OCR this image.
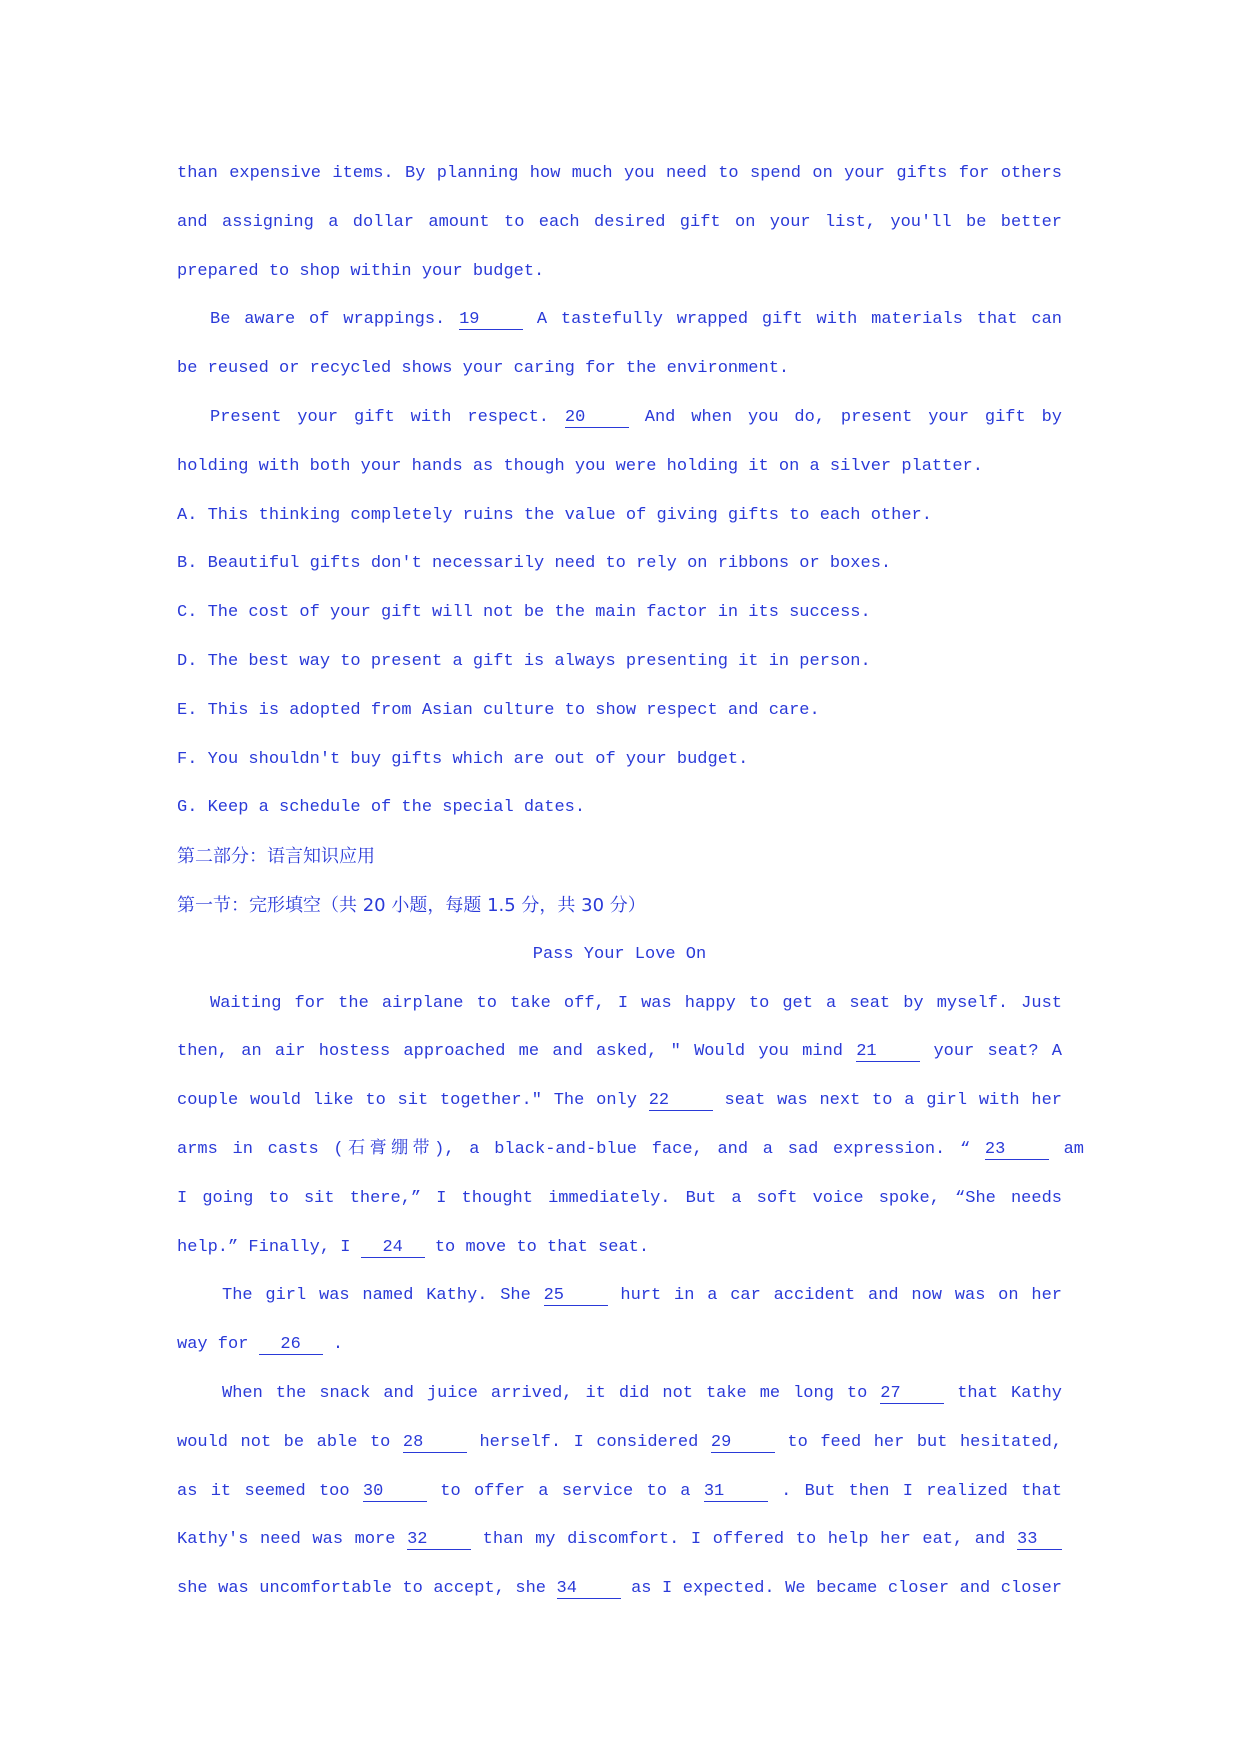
than expensive items. By planning how much you need to spend on your gifts for others
and assigning a dollar amount to each desired gift on your list, you'll be better
prepared to shop within your budget.
Be aware of wrappings. 19	A tastefully wrapped gift with materials that can
be reused or recycled shows your caring for the environment.
Present your gift with respect. 20	And when you do, present your gift by
holding with both your hands as though you were holding it on a silver platter.
A. This thinking completely ruins the value of giving gifts to each other.
B. Beautiful gifts don't necessarily need to rely on ribbons or boxes.
C. The cost of your gift will not be the main factor in its success.
D. The best way to present a gift is always presenting it in person.
E. This is adopted from Asian culture to show respect and care.
F. You shouldn't buy gifts which are out of your budget.
G. Keep a schedule of the special dates.
第二部分：语言知识应用
第一节：完形填空（共 20 小题，每题 1.5 分，共 30 分）
Pass Your Love On
Waiting for the airplane to take off, I was happy to get a seat by myself. Just
then, an air hostess approached me and asked, " Would you mind 21	your seat? A
couple would like to sit together." The only 22	seat was next to a girl with her
arms in casts (石膏绷带), a black-and-blue face, and a sad expression. “ 23	am
I going to sit there,” I thought immediately. But a soft voice spoke, “She needs
help.” Finally, I 24 to move to that seat.
The girl was named Kathy. She 25	hurt in a car accident and now was on her
way for 26 .
When the snack and juice arrived, it did not take me long to 27	that Kathy
would not be able to 28	herself. I considered 29	to feed her but hesitated,
as it seemed too 30	to offer a service to a 31	. But then I realized that
Kathy's need was more 32	than my discomfort. I offered to help her eat, and 33
she was uncomfortable to accept, she 34	as I expected. We became closer and closer
